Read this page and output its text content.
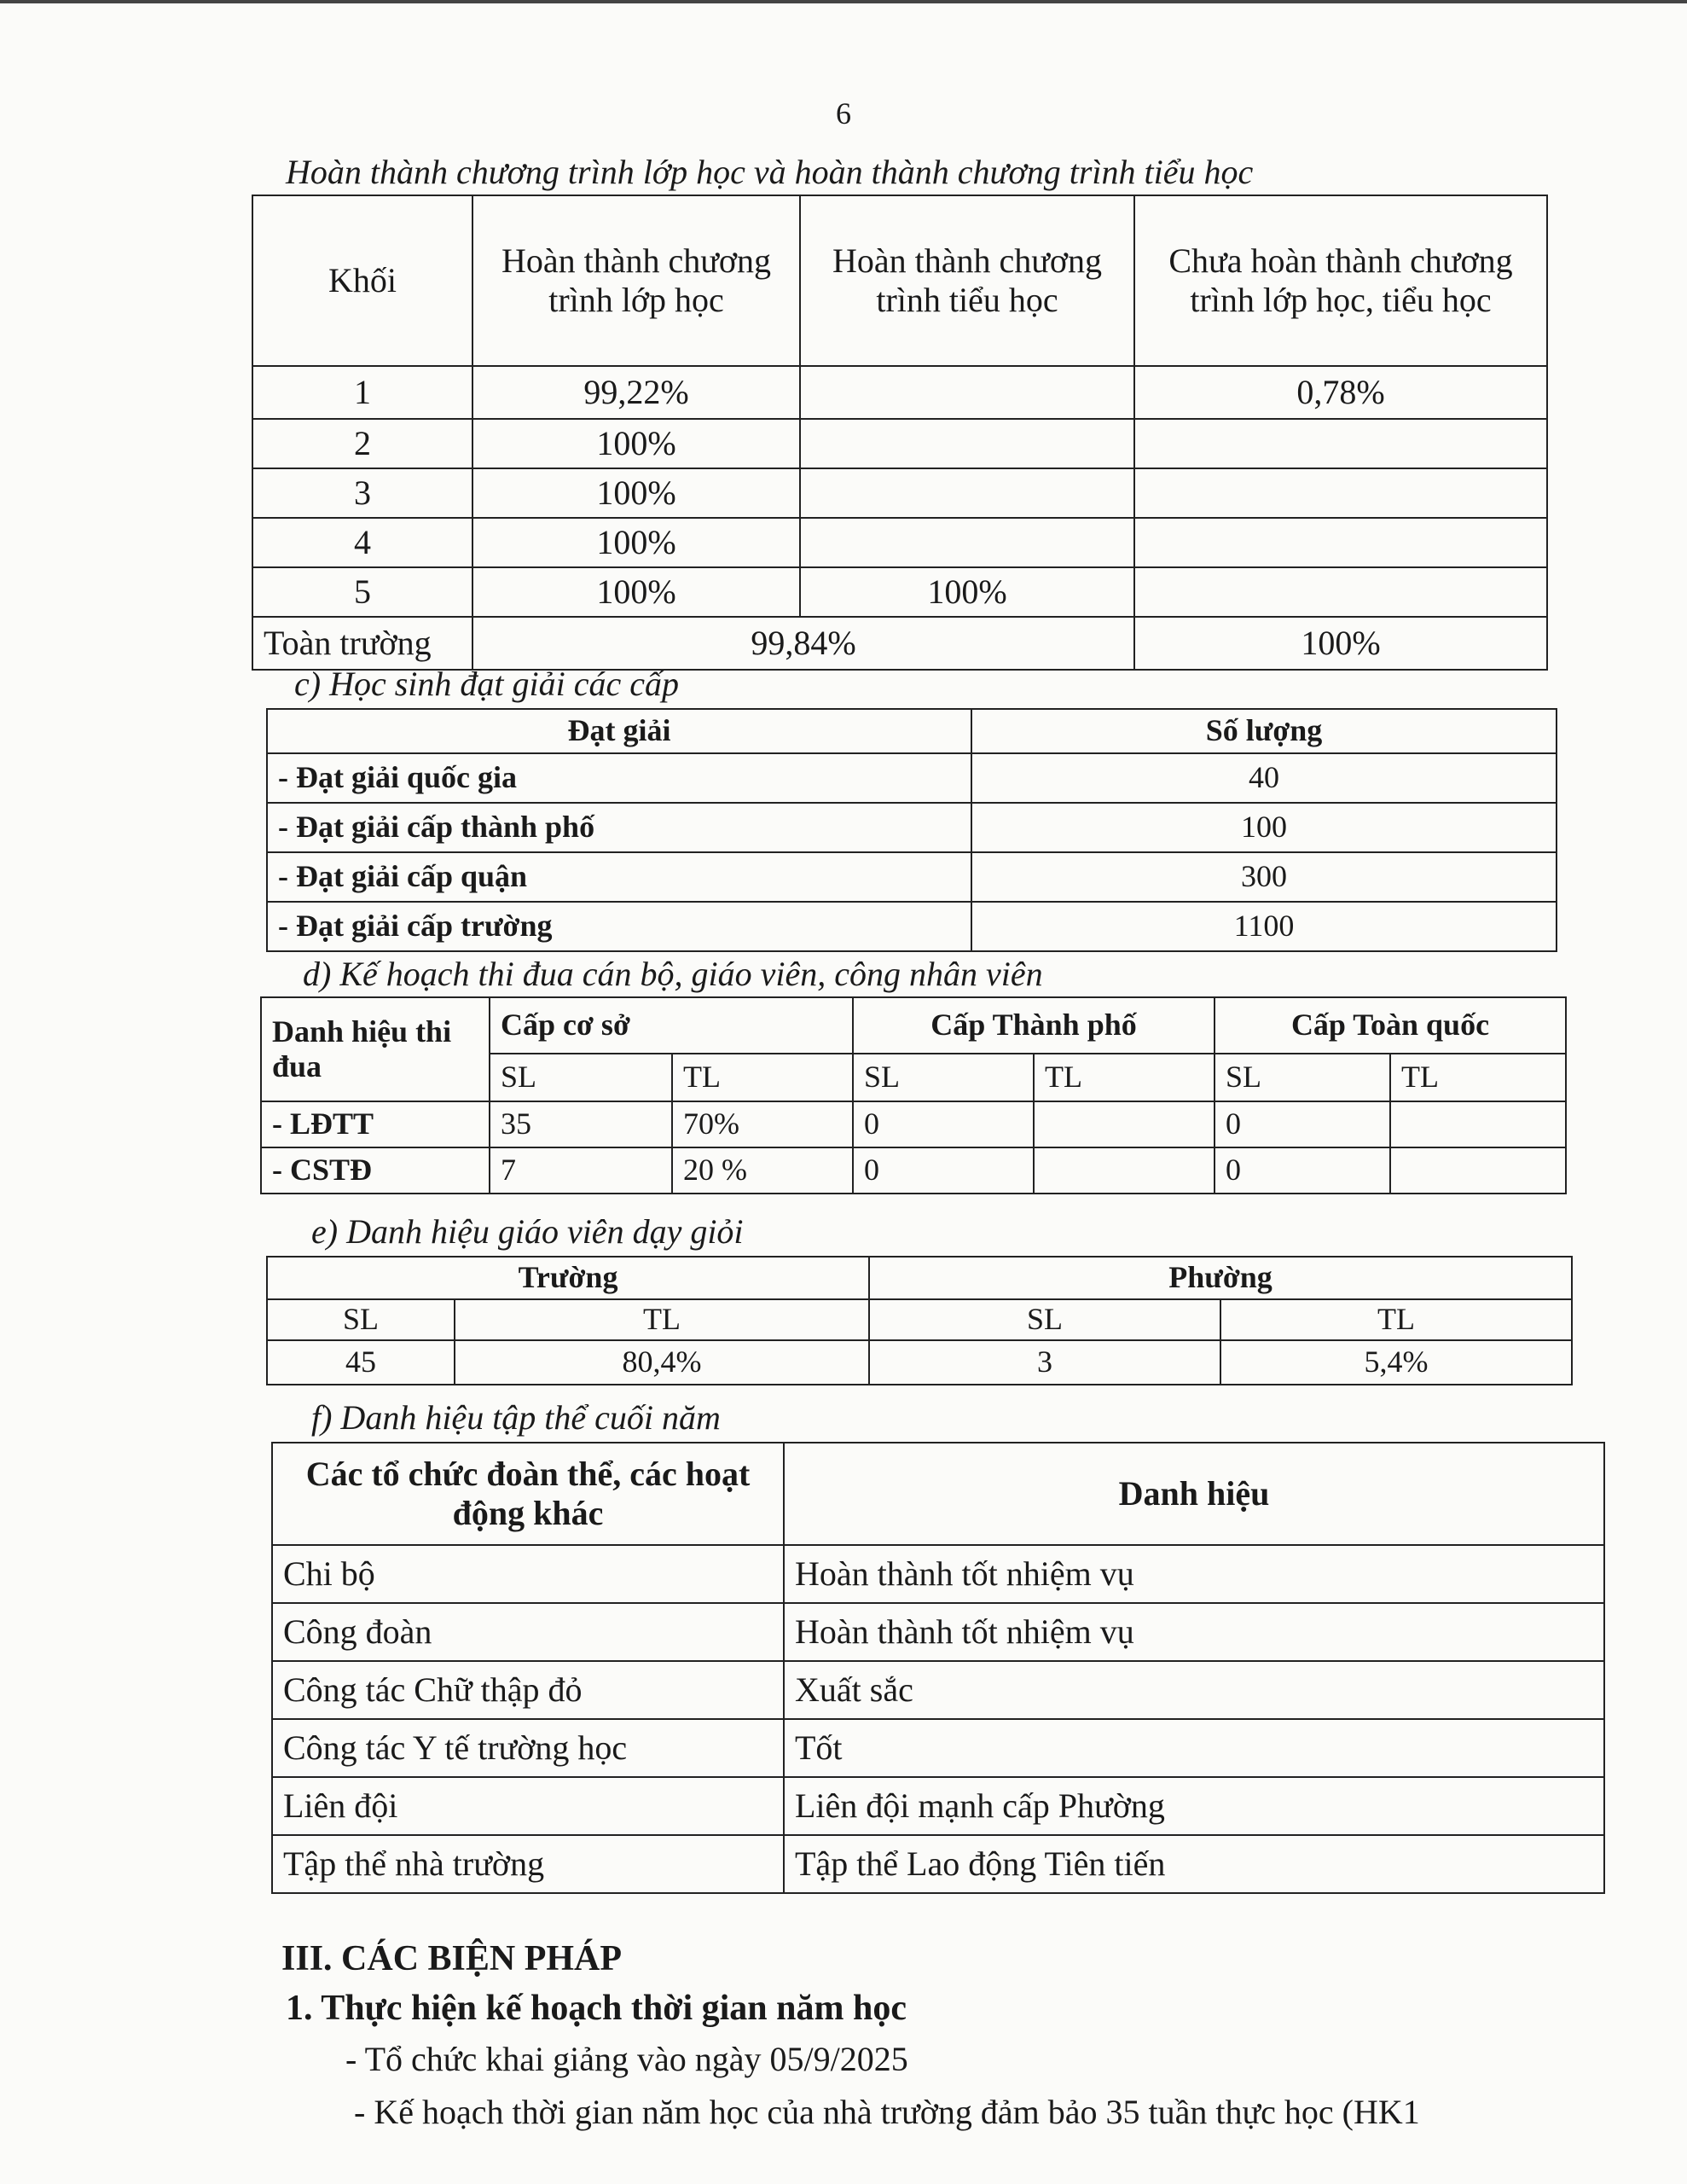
6
Hoàn thành chương trình lớp học và hoàn thành chương trình tiểu học
Khối	Hoàn thành chương trình lớp học	Hoàn thành chương trình tiểu học	Chưa hoàn thành chương trình lớp học, tiểu học
1	99,22%		0,78%
2	100%		
3	100%		
4	100%		
5	100%	100%	
Toàn trường	99,84%		100%
c) Học sinh đạt giải các cấp
Đạt giải	Số lượng
- Đạt giải quốc gia	40
- Đạt giải cấp thành phố	100
- Đạt giải cấp quận	300
- Đạt giải cấp trường	1100
d) Kế hoạch thi đua cán bộ, giáo viên, công nhân viên
Danh hiệu thi đua	Cấp cơ sở		Cấp Thành phố		Cấp Toàn quốc	
	SL	TL	SL	TL	SL	TL
- LĐTT	35	70%	0		0	
- CSTĐ	7	20 %	0		0	
e) Danh hiệu giáo viên dạy giỏi
Trường		Phường	
SL	TL	SL	TL
45	80,4%	3	5,4%
f) Danh hiệu tập thể cuối năm
Các tổ chức đoàn thể, các hoạt động khác	Danh hiệu
Chi bộ	Hoàn thành tốt nhiệm vụ
Công đoàn	Hoàn thành tốt nhiệm vụ
Công tác Chữ thập đỏ	Xuất sắc
Công tác Y tế trường học	Tốt
Liên đội	Liên đội mạnh cấp Phường
Tập thể nhà trường	Tập thể Lao động Tiên tiến
III. CÁC BIỆN PHÁP
1. Thực hiện kế hoạch thời gian năm học
- Tổ chức khai giảng vào ngày 05/9/2025
- Kế hoạch thời gian năm học của nhà trường đảm bảo 35 tuần thực học (HK1
